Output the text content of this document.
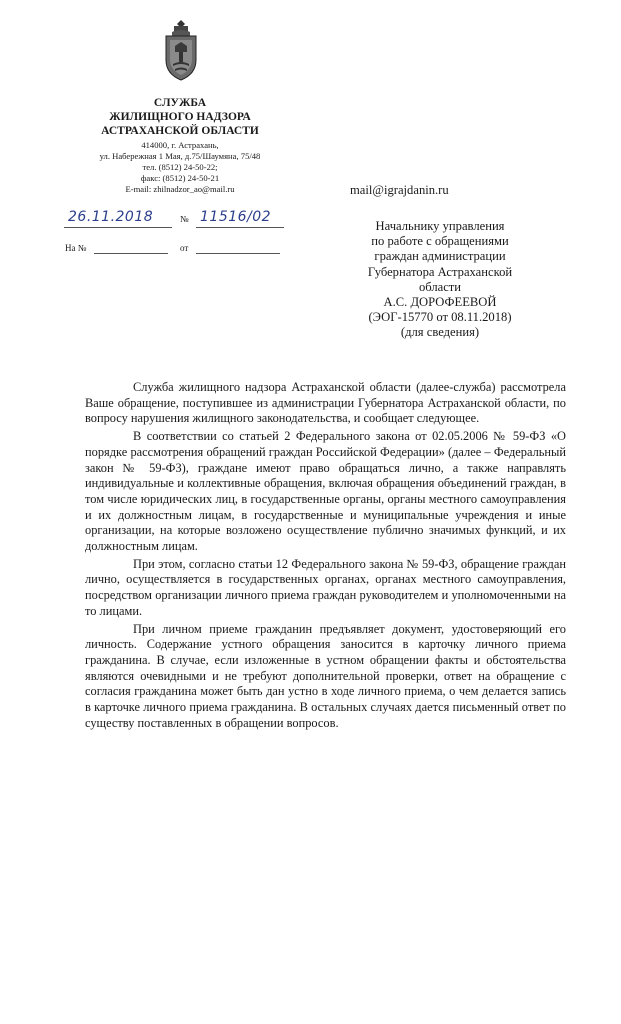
СЛУЖБА
ЖИЛИЩНОГО НАДЗОРА
АСТРАХАНСКОЙ ОБЛАСТИ
414000, г. Астрахань,
ул. Набережная 1 Мая, д.75/Шаумяна, 75/48
тел. (8512) 24-50-22;
факс: (8512) 24-50-21
E-mail: zhilnadzor_ao@mail.ru
26.11.2018	№ 11516/02
На №	от
mail@igrajdanin.ru
Начальнику управления
по работе с обращениями
граждан администрации
Губернатора Астраханской
области
А.С. ДОРОФЕЕВОЙ
(ЭОГ-15770 от 08.11.2018)
(для сведения)

Служба жилищного надзора Астраханской области (далее-служба) рассмотрела Ваше обращение, поступившее из администрации Губернатора Астраханской области, по вопросу нарушения жилищного законодательства, и сообщает следующее.

В соответствии со статьей 2 Федерального закона от 02.05.2006 № 59-ФЗ «О порядке рассмотрения обращений граждан Российской Федерации» (далее – Федеральный закон № 59-ФЗ), граждане имеют право обращаться лично, а также направлять индивидуальные и коллективные обращения, включая обращения объединений граждан, в том числе юридических лиц, в государственные органы, органы местного самоуправления и их должностным лицам, в государственные и муниципальные учреждения и иные организации, на которые возложено осуществление публично значимых функций, и их должностным лицам.

При этом, согласно статьи 12 Федерального закона № 59-ФЗ, обращение граждан лично, осуществляется в государственных органах, органах местного самоуправления, посредством организации личного приема граждан руководителем и уполномоченными на то лицами.

При личном приеме гражданин предъявляет документ, удостоверяющий его личность. Содержание устного обращения заносится в карточку личного приема гражданина. В случае, если изложенные в устном обращении факты и обстоятельства являются очевидными и не требуют дополнительной проверки, ответ на обращение с согласия гражданина может быть дан устно в ходе личного приема, о чем делается запись в карточке личного приема гражданина. В остальных случаях дается письменный ответ по существу поставленных в обращении вопросов.
